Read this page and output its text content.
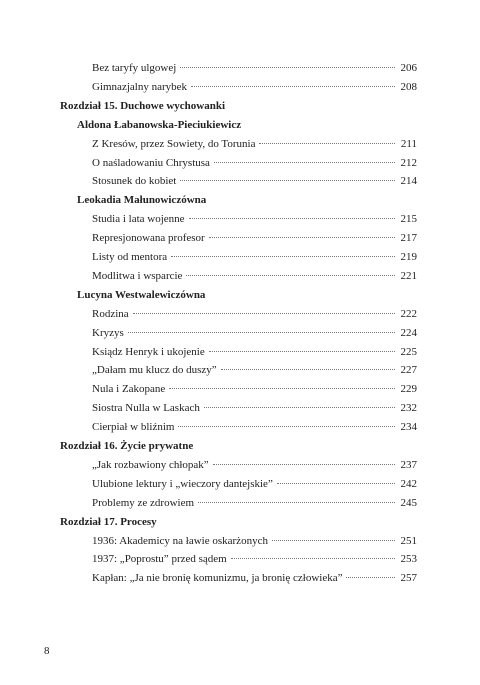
Bez taryfy ulgowej	206
Gimnazjalny narybek	208
Rozdział 15. Duchowe wychowanki
Aldona Łabanowska-Pieciukiewicz
Z Kresów, przez Sowiety, do Torunia	211
O naśladowaniu Chrystusa	212
Stosunek do kobiet	214
Leokadia Małunowiczówna
Studia i lata wojenne	215
Represjonowana profesor	217
Listy od mentora	219
Modlitwa i wsparcie	221
Lucyna Westwalewiczówna
Rodzina	222
Kryzys	224
Ksiądz Henryk i ukojenie	225
„Dałam mu klucz do duszy”	227
Nula i Zakopane	229
Siostra Nulla w Laskach	232
Cierpiał w bliźnim	234
Rozdział 16. Życie prywatne
„Jak rozbawiony chłopak”	237
Ulubione lektury i „wieczory dantejskie”	242
Problemy ze zdrowiem	245
Rozdział 17. Procesy
1936: Akademicy na ławie oskarżonych	251
1937: „Poprostu” przed sądem	253
Kapłan: „Ja nie bronię komunizmu, ja bronię człowieka”	257
8
